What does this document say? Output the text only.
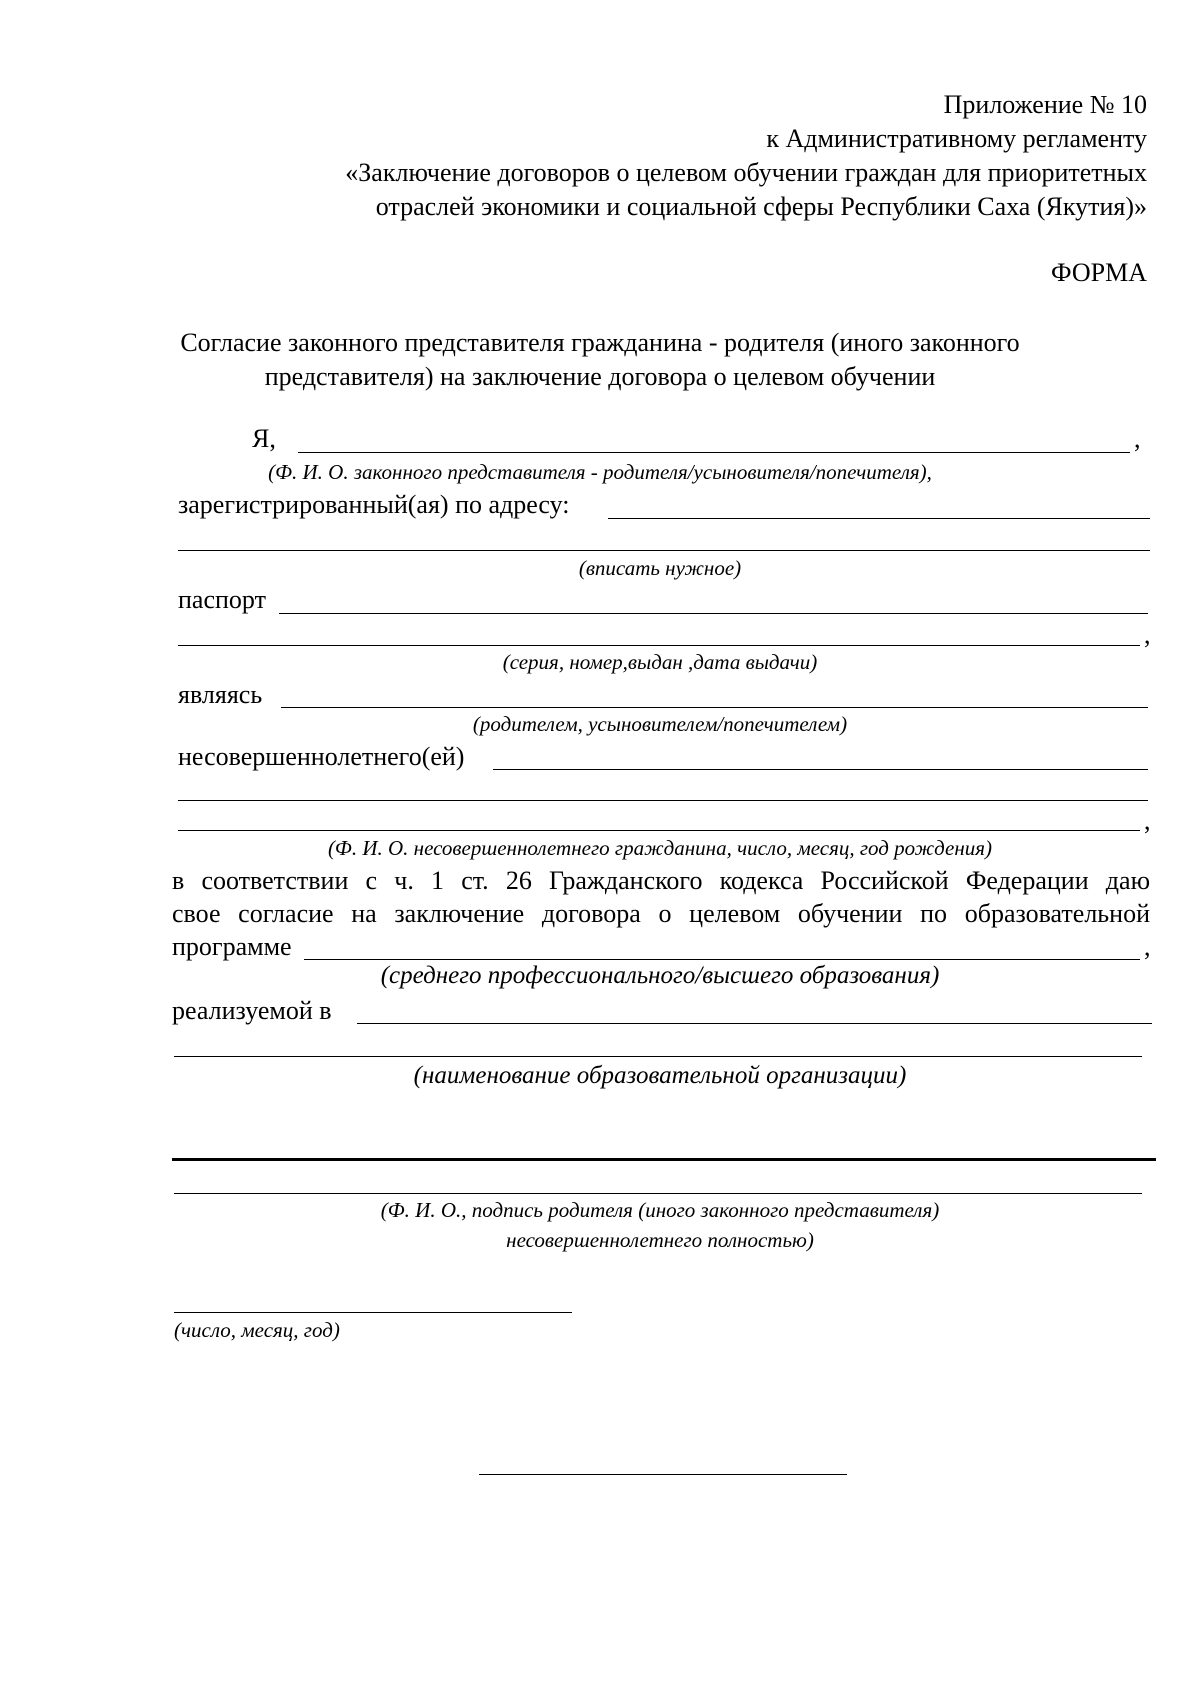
Приложение № 10
к Административному регламенту
«Заключение договоров о целевом обучении граждан для приоритетных
отраслей экономики и социальной сферы Республики Саха (Якутия)»
ФОРМА
Согласие законного представителя гражданина - родителя (иного законного
представителя) на заключение договора о целевом обучении
Я,	,
(Ф. И. О. законного представителя - родителя/усыновителя/попечителя),
зарегистрированный(ая) по адресу:
(вписать нужное)
паспорт
,
(серия, номер,выдан ,дата выдачи)
являясь
(родителем, усыновителем/попечителем)
несовершеннолетнего(ей)
,
(Ф. И. О. несовершеннолетнего гражданина, число, месяц, год рождения)
в соответствии с ч. 1 ст. 26 Гражданского кодекса Российской Федерации даю
свое согласие на заключение договора о целевом обучении по образовательной
программе	,
(среднего профессионального/высшего образования)
реализуемой в
(наименование образовательной организации)
(Ф. И. О., подпись родителя (иного законного представителя)
несовершеннолетнего полностью)
(число, месяц, год)
